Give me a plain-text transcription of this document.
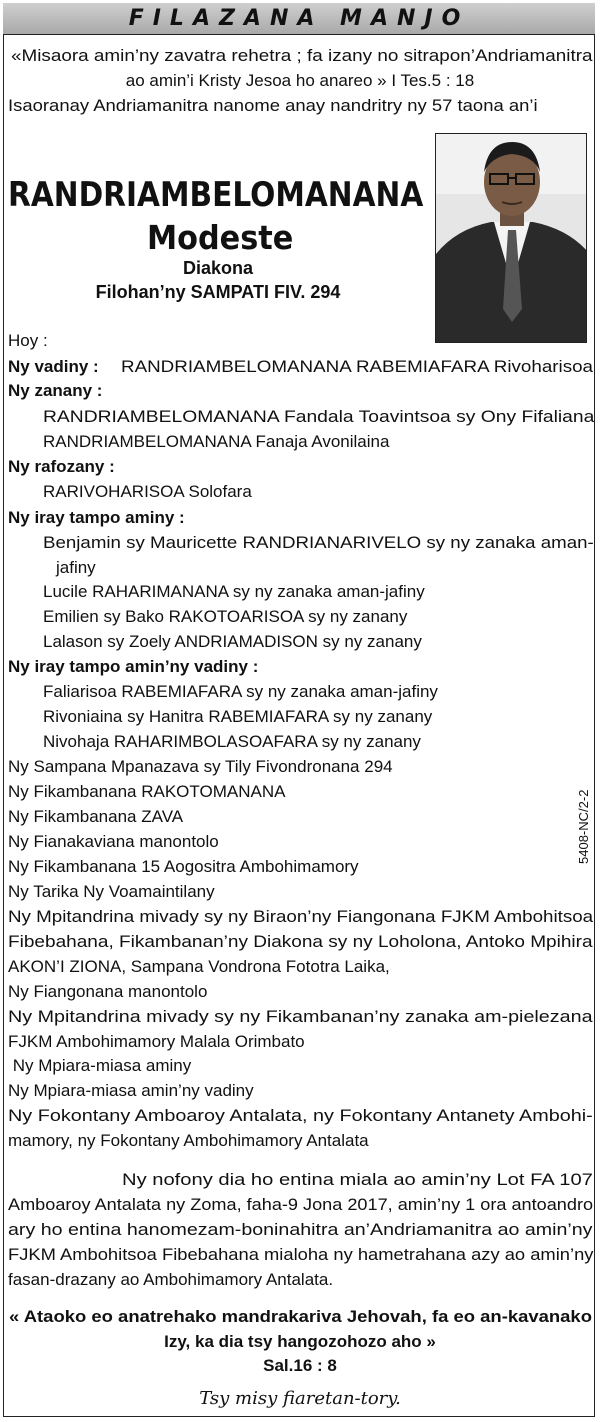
FILAZANA MANJO
«Misaora amin’ny zavatra rehetra ; fa izany no sitrapon’Andriamanitra
ao amin’i Kristy Jesoa ho anareo » I Tes.5 : 18
Isaoranay Andriamanitra nanome anay nandritry ny 57 taona an’i
RANDRIAMBELOMANANA
Modeste
Diakona
Filohan’ny SAMPATI FIV. 294
Hoy :
Ny vadiny : RANDRIAMBELOMANANA RABEMIAFARA Rivoharisoa
Ny zanany :
RANDRIAMBELOMANANA Fandala Toavintsoa sy Ony Fifaliana
RANDRIAMBELOMANANA Fanaja Avonilaina
Ny rafozany :
RARIVOHARISOA Solofara
Ny iray tampo aminy :
Benjamin sy Mauricette RANDRIANARIVELO sy ny zanaka aman-
jafiny
Lucile RAHARIMANANA sy ny zanaka aman-jafiny
Emilien sy Bako RAKOTOARISOA sy ny zanany
Lalason sy Zoely ANDRIAMADISON sy ny zanany
Ny iray tampo amin’ny vadiny :
Faliarisoa RABEMIAFARA sy ny zanaka aman-jafiny
Rivoniaina sy Hanitra RABEMIAFARA sy ny zanany
Nivohaja RAHARIMBOLASOAFARA sy ny zanany
Ny Sampana Mpanazava sy Tily Fivondronana 294
Ny Fikambanana RAKOTOMANANA
Ny Fikambanana ZAVA
Ny Fianakaviana manontolo
Ny Fikambanana 15 Aogositra Ambohimamory
Ny Tarika Ny Voamaintilany
Ny Mpitandrina mivady sy ny Biraon’ny Fiangonana FJKM Ambohitsoa
Fibebahana, Fikambanan’ny Diakona sy ny Loholona, Antoko Mpihira
AKON’I ZIONA, Sampana Vondrona Fototra Laika,
Ny Fiangonana manontolo
Ny Mpitandrina mivady sy ny Fikambanan’ny zanaka am-pielezana
FJKM Ambohimamory Malala Orimbato
Ny Mpiara-miasa aminy
Ny Mpiara-miasa amin’ny vadiny
Ny Fokontany Amboaroy Antalata, ny Fokontany Antanety Ambohi-
mamory, ny Fokontany Ambohimamory Antalata
5408-NC/2-2
Ny nofony dia ho entina miala ao amin’ny Lot FA 107
Amboaroy Antalata ny Zoma, faha-9 Jona 2017, amin’ny 1 ora antoandro
ary ho entina hanomezam-boninahitra an’Andriamanitra ao amin’ny
FJKM Ambohitsoa Fibebahana mialoha ny hametrahana azy ao amin’ny
fasan-drazany ao Ambohimamory Antalata.
« Ataoko eo anatrehako mandrakariva Jehovah, fa eo an-kavanako
Izy, ka dia tsy hangozohozo aho »
Sal.16 : 8
Tsy misy fiaretan-tory.
